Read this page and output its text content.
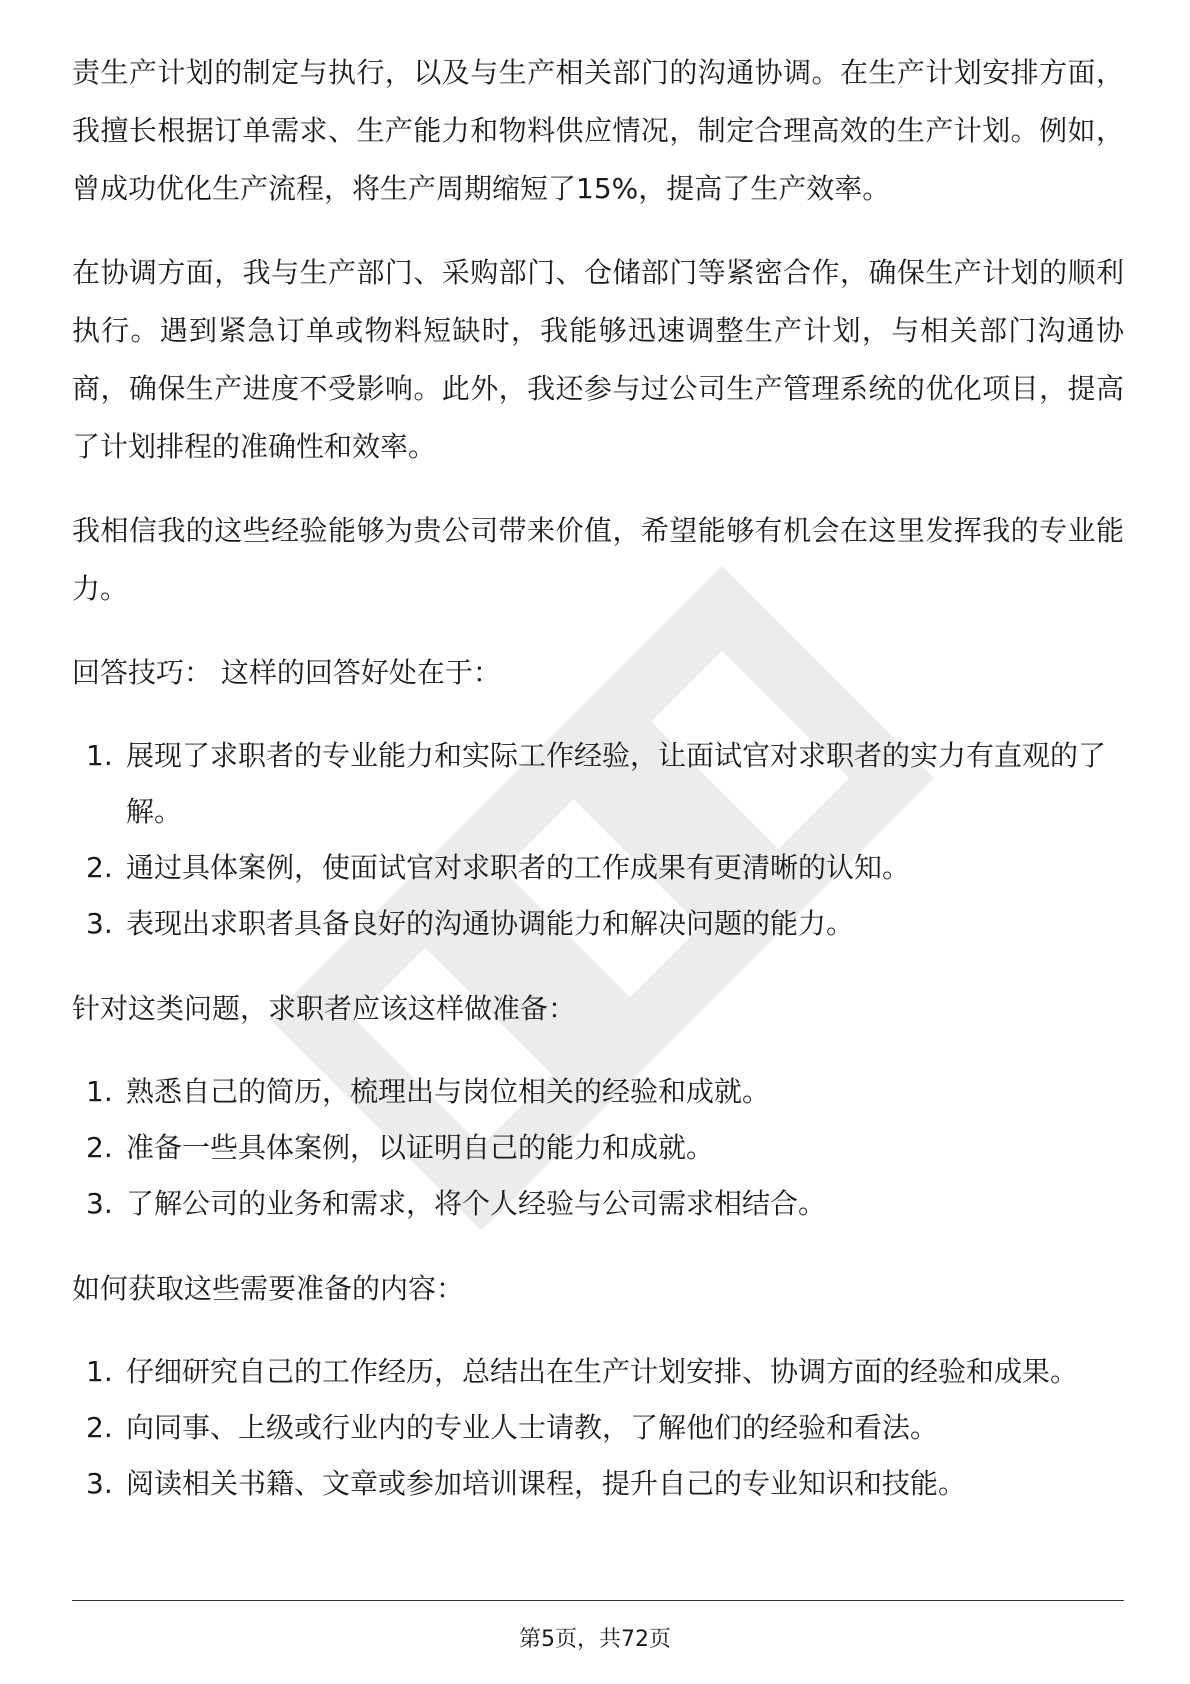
责生产计划的制定与执行，以及与生产相关部门的沟通协调。在生产计划安排方面，我擅长根据订单需求、生产能力和物料供应情况，制定合理高效的生产计划。例如，曾成功优化生产流程，将生产周期缩短了15%，提高了生产效率。

在协调方面，我与生产部门、采购部门、仓储部门等紧密合作，确保生产计划的顺利执行。遇到紧急订单或物料短缺时，我能够迅速调整生产计划，与相关部门沟通协商，确保生产进度不受影响。此外，我还参与过公司生产管理系统的优化项目，提高了计划排程的准确性和效率。

我相信我的这些经验能够为贵公司带来价值，希望能够有机会在这里发挥我的专业能力。

回答技巧： 这样的回答好处在于：
1. 展现了求职者的专业能力和实际工作经验，让面试官对求职者的实力有直观的了解。
2. 通过具体案例，使面试官对求职者的工作成果有更清晰的认知。
3. 表现出求职者具备良好的沟通协调能力和解决问题的能力。
针对这类问题，求职者应该这样做准备：
1. 熟悉自己的简历，梳理出与岗位相关的经验和成就。
2. 准备一些具体案例，以证明自己的能力和成就。
3. 了解公司的业务和需求，将个人经验与公司需求相结合。
如何获取这些需要准备的内容：
1. 仔细研究自己的工作经历，总结出在生产计划安排、协调方面的经验和成果。
2. 向同事、上级或行业内的专业人士请教，了解他们的经验和看法。
3. 阅读相关书籍、文章或参加培训课程，提升自己的专业知识和技能。
第5页，共72页
